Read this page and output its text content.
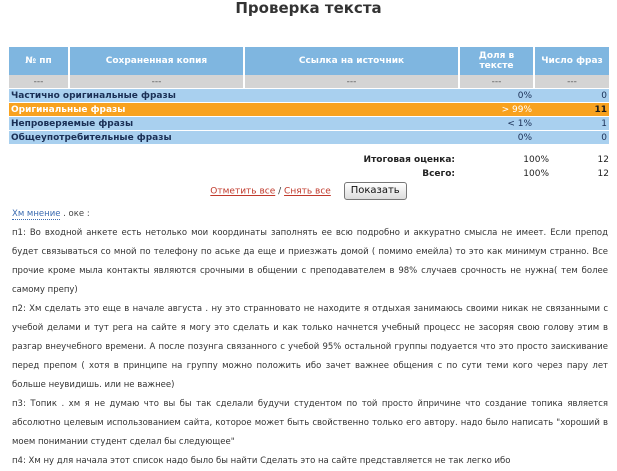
Проверка текста
№ пп	Сохраненная копия	Ссылка на источник	Доля в тексте	Число фраз
---	---	---	---	---
Частично оригинальные фразы			0%	0
Оригинальные фразы			> 99%	11
Непроверяемые фразы			< 1%	1
Общеупотребительные фразы			0%	0
Итоговая оценка:	100%	12
Всего:	100%	12
Отметить все / Снять все Показать

Хм мнение . оке :

п1: Во входной анкете есть нетолько мои координаты заполнять ее всю подробно и аккуратно смысла не имеет. Если препод будет связываться со мной по телефону по аське да еще и приезжать домой ( помимо емейла) то это как минимум странно. Все прочие кроме мыла контакты являются срочными в общении с преподавателем в 98% случаев срочность не нужна( тем более самому препу)

п2: Хм сделать это еще в начале августа . ну это странновато не находите я отдыхая занимаюсь своими никак не связанными с учебой делами и тут рега на сайте я могу это сделать и как только начнется учебный процесс не засоряя свою голову этим в разгар внеучебного времени. А после позунга связанного с учебой 95% остальной группы подуается что это просто заискивание перед препом ( хотя в принципе на группу можно положить ибо зачет важнее общения с по сути теми кого через пару лет больше неувидишь. или не важнее)

п3: Топик . хм я не думаю что вы бы так сделали будучи студентом по той просто йпричине что создание топика является абсолютно целевым использованием сайта, которое может быть свойственно только его автору. надо было написать "хороший в моем понимании студент сделал бы следующее"

п4: Хм ну для начала этот список надо было бы найти Сделать это на сайте представляется не так легко ибо
